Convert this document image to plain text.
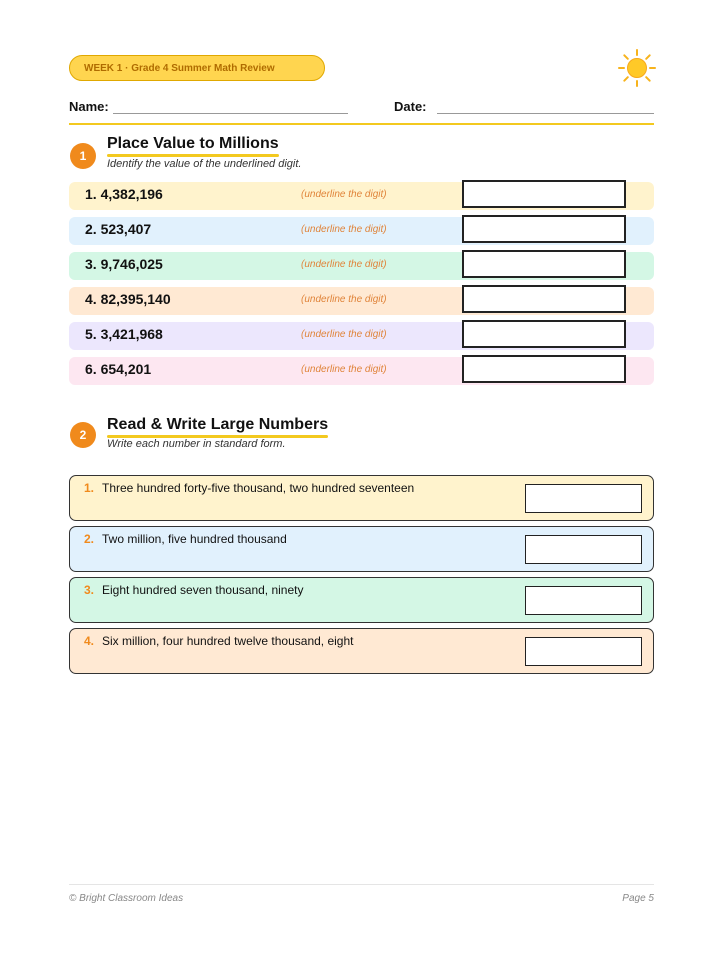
WEEK 1 · Grade 4 Summer Math Review
Name:	Date:
1
Place Value to Millions
Identify the value of the underlined digit.
1. 4,382,196	(underline the digit)
2. 523,407	(underline the digit)
3. 9,746,025	(underline the digit)
4. 82,395,140	(underline the digit)
5. 3,421,968	(underline the digit)
6. 654,201	(underline the digit)
2
Read & Write Large Numbers
Write each number in standard form.
1. Three hundred forty-five thousand, two hundred seventeen
2. Two million, five hundred thousand
3. Eight hundred seven thousand, ninety
4. Six million, four hundred twelve thousand, eight
© Bright Classroom Ideas	Page 5
